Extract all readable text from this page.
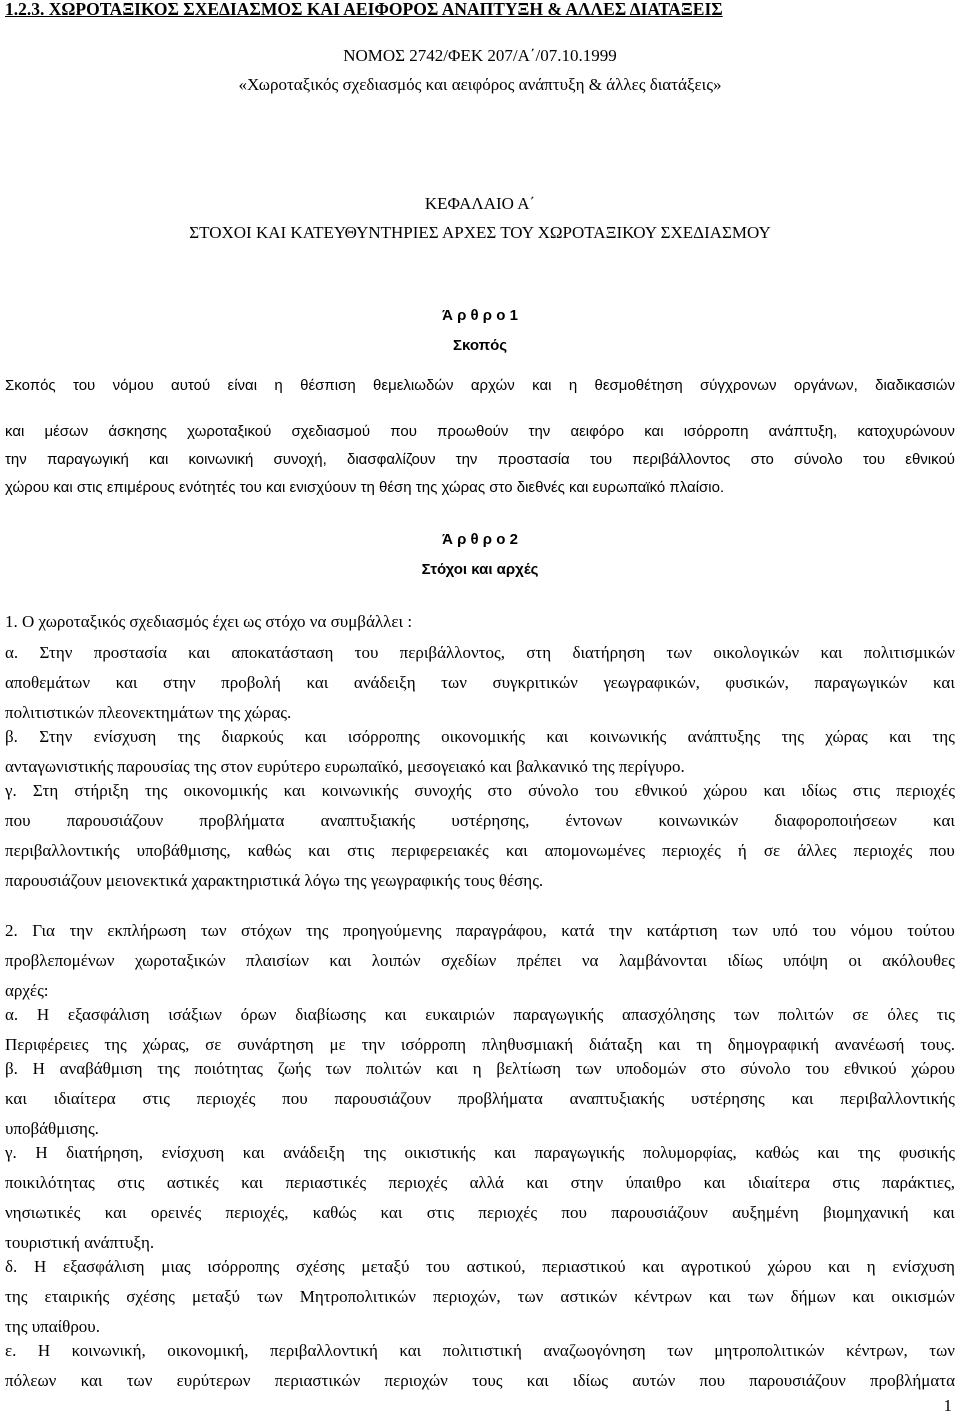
1.2.3. ΧΩΡΟΤΑΞΙΚΟΣ ΣΧΕΔΙΑΣΜΟΣ ΚΑΙ ΑΕΙΦΟΡΟΣ ΑΝΑΠΤΥΞΗ & ΑΛΛΕΣ ΔΙΑΤΑΞΕΙΣ
ΝΟΜΟΣ 2742/ΦΕΚ 207/Α΄/07.10.1999
«Χωροταξικός σχεδιασμός και αειφόρος ανάπτυξη & άλλες διατάξεις»
ΚΕΦΑΛΑΙΟ Α΄
ΣΤΟΧΟΙ ΚΑΙ ΚΑΤΕΥΘΥΝΤΗΡΙΕΣ ΑΡΧΕΣ ΤΟΥ ΧΩΡΟΤΑΞΙΚΟΥ ΣΧΕΔΙΑΣΜΟΥ
Ά ρ θ ρ ο 1
Σκοπός
Σκοπός του νόμου αυτού είναι η θέσπιση θεμελιωδών αρχών και η θεσμοθέτηση σύγχρονων οργάνων, διαδικασιών
και μέσων άσκησης χωροταξικού σχεδιασμού που προωθούν την αειφόρο και ισόρροπη ανάπτυξη, κατοχυρώνουν
την παραγωγική και κοινωνική συνοχή, διασφαλίζουν την προστασία του περιβάλλοντος στο σύνολο του εθνικού
χώρου και στις επιμέρους ενότητές του και ενισχύουν τη θέση της χώρας στο διεθνές και ευρωπαϊκό πλαίσιο.
Ά ρ θ ρ ο 2
Στόχοι και αρχές
1. Ο χωροταξικός σχεδιασμός έχει ως στόχο να συμβάλλει :
α. Στην προστασία και αποκατάσταση του περιβάλλοντος, στη διατήρηση των οικολογικών και πολιτισμικών
αποθεμάτων και στην προβολή και ανάδειξη των συγκριτικών γεωγραφικών, φυσικών, παραγωγικών και
πολιτιστικών πλεονεκτημάτων της χώρας.
β. Στην ενίσχυση της διαρκούς και ισόρροπης οικονομικής και κοινωνικής ανάπτυξης της χώρας και της
ανταγωνιστικής παρουσίας της στον ευρύτερο ευρωπαϊκό, μεσογειακό και βαλκανικό της περίγυρο.
γ. Στη στήριξη της οικονομικής και κοινωνικής συνοχής στο σύνολο του εθνικού χώρου και ιδίως στις περιοχές
που παρουσιάζουν προβλήματα αναπτυξιακής υστέρησης, έντονων κοινωνικών διαφοροποιήσεων και
περιβαλλοντικής υποβάθμισης, καθώς και στις περιφερειακές και απομονωμένες περιοχές ή σε άλλες περιοχές που
παρουσιάζουν μειονεκτικά χαρακτηριστικά λόγω της γεωγραφικής τους θέσης.
2. Για την εκπλήρωση των στόχων της προηγούμενης παραγράφου, κατά την κατάρτιση των υπό του νόμου τούτου
προβλεπομένων χωροταξικών πλαισίων και λοιπών σχεδίων πρέπει να λαμβάνονται ιδίως υπόψη οι ακόλουθες
αρχές:
α. Η εξασφάλιση ισάξιων όρων διαβίωσης και ευκαιριών παραγωγικής απασχόλησης των πολιτών σε όλες τις
Περιφέρειες της χώρας, σε συνάρτηση με την ισόρροπη πληθυσμιακή διάταξη και τη δημογραφική ανανέωσή τους.
β. Η αναβάθμιση της ποιότητας ζωής των πολιτών και η βελτίωση των υποδομών στο σύνολο του εθνικού χώρου
και ιδιαίτερα στις περιοχές που παρουσιάζουν προβλήματα αναπτυξιακής υστέρησης και περιβαλλοντικής
υποβάθμισης.
γ. Η διατήρηση, ενίσχυση και ανάδειξη της οικιστικής και παραγωγικής πολυμορφίας, καθώς και της φυσικής
ποικιλότητας στις αστικές και περιαστικές περιοχές αλλά και στην ύπαιθρο και ιδιαίτερα στις παράκτιες,
νησιωτικές και ορεινές περιοχές, καθώς και στις περιοχές που παρουσιάζουν αυξημένη βιομηχανική και
τουριστική ανάπτυξη.
δ. Η εξασφάλιση μιας ισόρροπης σχέσης μεταξύ του αστικού, περιαστικού και αγροτικού χώρου και η ενίσχυση
της εταιρικής σχέσης μεταξύ των Μητροπολιτικών περιοχών, των αστικών κέντρων και των δήμων και οικισμών
της υπαίθρου.
ε. Η κοινωνική, οικονομική, περιβαλλοντική και πολιτιστική αναζωογόνηση των μητροπολιτικών κέντρων, των
πόλεων και των ευρύτερων περιαστικών περιοχών τους και ιδίως αυτών που παρουσιάζουν προβλήματα
1
